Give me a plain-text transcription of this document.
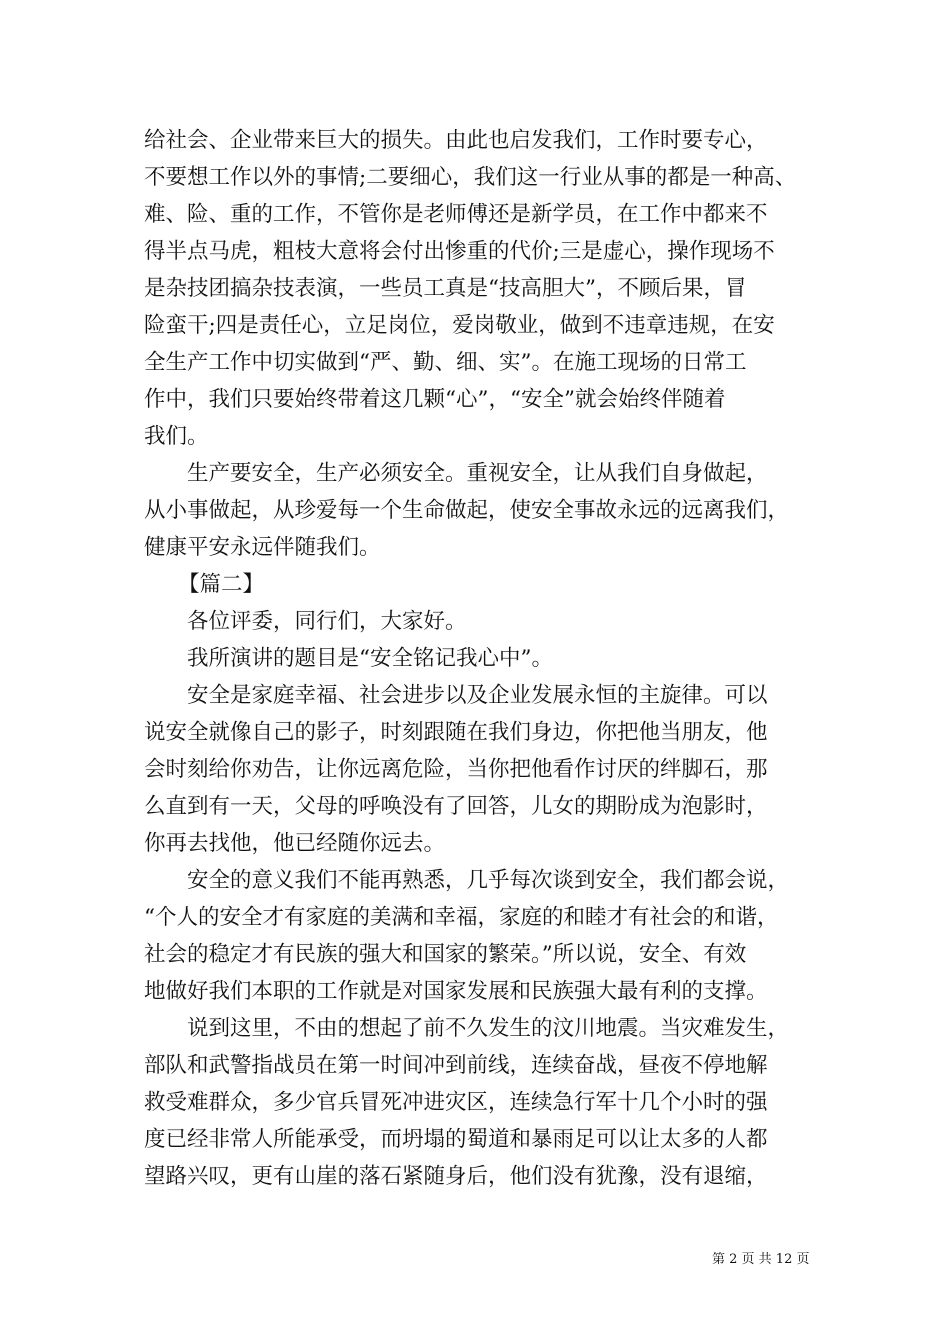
给社会、企业带来巨大的损失。由此也启发我们，工作时要专心，
不要想工作以外的事情;二要细心，我们这一行业从事的都是一种高、
难、险、重的工作，不管你是老师傅还是新学员，在工作中都来不
得半点马虎，粗枝大意将会付出惨重的代价;三是虚心，操作现场不
是杂技团搞杂技表演，一些员工真是“技高胆大”，不顾后果，冒
险蛮干;四是责任心，立足岗位，爱岗敬业，做到不违章违规，在安
全生产工作中切实做到“严、勤、细、实”。在施工现场的日常工
作中，我们只要始终带着这几颗“心”，“安全”就会始终伴随着
我们。
生产要安全，生产必须安全。重视安全，让从我们自身做起，
从小事做起，从珍爱每一个生命做起，使安全事故永远的远离我们，
健康平安永远伴随我们。
【篇二】
各位评委，同行们，大家好。
我所演讲的题目是“安全铭记我心中”。
安全是家庭幸福、社会进步以及企业发展永恒的主旋律。可以
说安全就像自己的影子，时刻跟随在我们身边，你把他当朋友，他
会时刻给你劝告，让你远离危险，当你把他看作讨厌的绊脚石，那
么直到有一天，父母的呼唤没有了回答，儿女的期盼成为泡影时，
你再去找他，他已经随你远去。
安全的意义我们不能再熟悉，几乎每次谈到安全，我们都会说，
“个人的安全才有家庭的美满和幸福，家庭的和睦才有社会的和谐，
社会的稳定才有民族的强大和国家的繁荣。”所以说，安全、有效
地做好我们本职的工作就是对国家发展和民族强大最有利的支撑。
说到这里，不由的想起了前不久发生的汶川地震。当灾难发生，
部队和武警指战员在第一时间冲到前线，连续奋战，昼夜不停地解
救受难群众，多少官兵冒死冲进灾区，连续急行军十几个小时的强
度已经非常人所能承受，而坍塌的蜀道和暴雨足可以让太多的人都
望路兴叹，更有山崖的落石紧随身后，他们没有犹豫，没有退缩，
第 2 页 共 12 页
